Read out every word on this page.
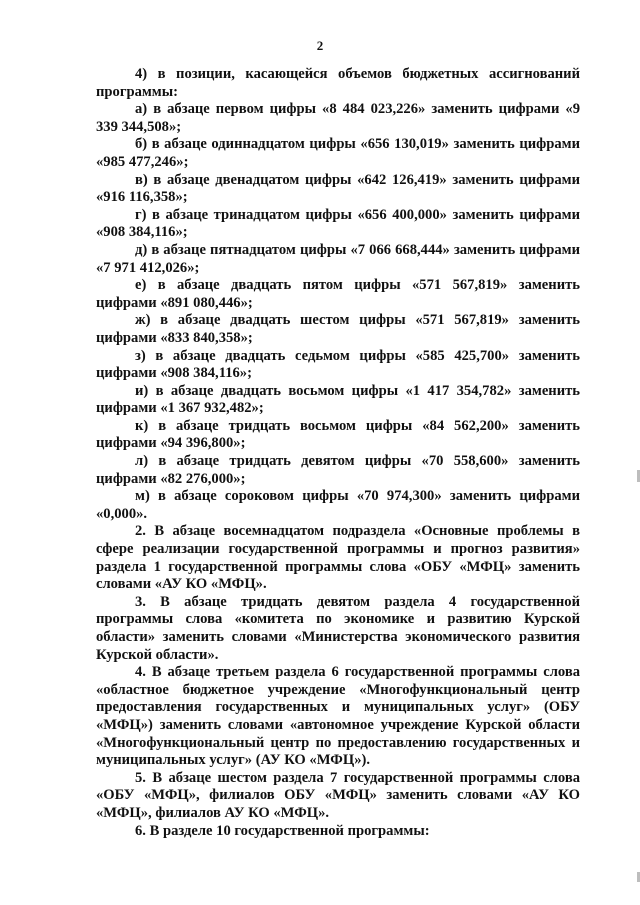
2

4) в позиции, касающейся объемов бюджетных ассигнований программы:

а) в абзаце первом цифры «8 484 023,226» заменить цифрами «9 339 344,508»;

б) в абзаце одиннадцатом цифры «656 130,019» заменить цифрами «985 477,246»;

в) в абзаце двенадцатом цифры «642 126,419» заменить цифрами «916 116,358»;

г) в абзаце тринадцатом цифры «656 400,000» заменить цифрами «908 384,116»;

д) в абзаце пятнадцатом цифры «7 066 668,444» заменить цифрами «7 971 412,026»;

е) в абзаце двадцать пятом цифры «571 567,819» заменить цифрами «891 080,446»;

ж) в абзаце двадцать шестом цифры «571 567,819» заменить цифрами «833 840,358»;

з) в абзаце двадцать седьмом цифры «585 425,700» заменить цифрами «908 384,116»;

и) в абзаце двадцать восьмом цифры «1 417 354,782» заменить цифрами «1 367 932,482»;

к) в абзаце тридцать восьмом цифры «84 562,200» заменить цифрами «94 396,800»;

л) в абзаце тридцать девятом цифры «70 558,600» заменить цифрами «82 276,000»;

м) в абзаце сороковом цифры «70 974,300» заменить цифрами «0,000».

2. В абзаце восемнадцатом подраздела «Основные проблемы в сфере реализации государственной программы и прогноз развития» раздела 1 государственной программы слова «ОБУ «МФЦ» заменить словами «АУ КО «МФЦ».

3. В абзаце тридцать девятом раздела 4 государственной программы слова «комитета по экономике и развитию Курской области» заменить словами «Министерства экономического развития Курской области».

4. В абзаце третьем раздела 6 государственной программы слова «областное бюджетное учреждение «Многофункциональный центр предоставления государственных и муниципальных услуг» (ОБУ «МФЦ») заменить словами «автономное учреждение Курской области «Многофункциональный центр по предоставлению государственных и муниципальных услуг» (АУ КО «МФЦ»).

5. В абзаце шестом раздела 7 государственной программы слова «ОБУ «МФЦ», филиалов ОБУ «МФЦ» заменить словами «АУ КО «МФЦ», филиалов АУ КО «МФЦ».

6. В разделе 10 государственной программы:
